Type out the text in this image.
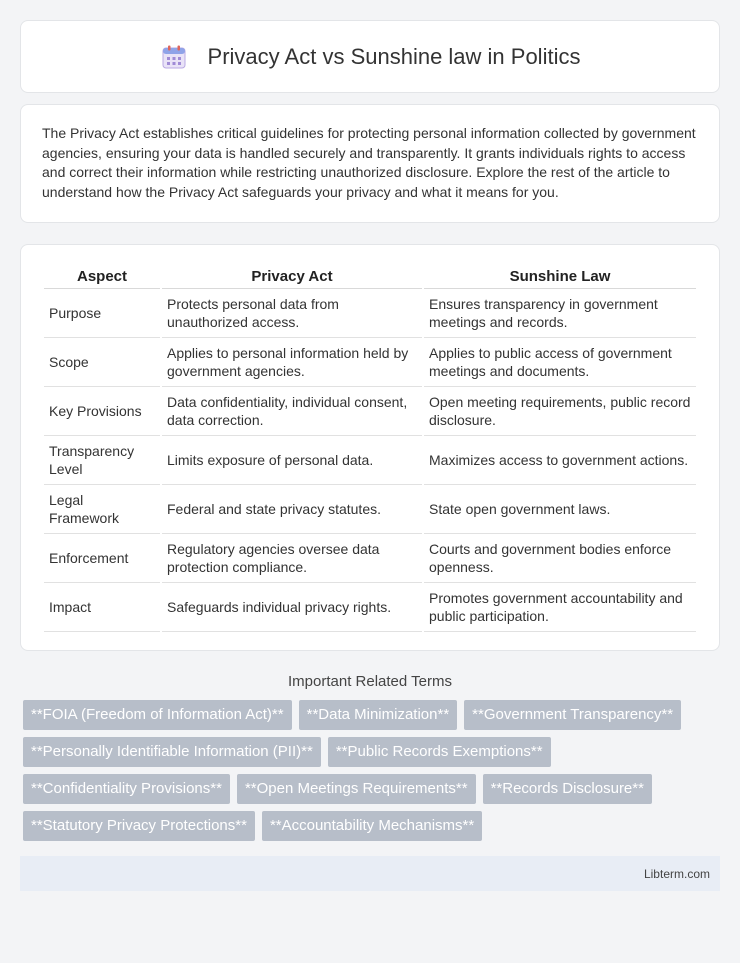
Privacy Act vs Sunshine law in Politics

The Privacy Act establishes critical guidelines for protecting personal information collected by government agencies, ensuring your data is handled securely and transparently. It grants individuals rights to access and correct their information while restricting unauthorized disclosure. Explore the rest of the article to understand how the Privacy Act safeguards your privacy and what it means for you.

Aspect	Privacy Act	Sunshine Law
Purpose	Protects personal data from unauthorized access.	Ensures transparency in government meetings and records.
Scope	Applies to personal information held by government agencies.	Applies to public access of government meetings and documents.
Key Provisions	Data confidentiality, individual consent, data correction.	Open meeting requirements, public record disclosure.
Transparency Level	Limits exposure of personal data.	Maximizes access to government actions.
Legal Framework	Federal and state privacy statutes.	State open government laws.
Enforcement	Regulatory agencies oversee data protection compliance.	Courts and government bodies enforce openness.
Impact	Safeguards individual privacy rights.	Promotes government accountability and public participation.
Important Related Terms
**FOIA (Freedom of Information Act)**	**Data Minimization**	**Government Transparency**
**Personally Identifiable Information (PII)**	**Public Records Exemptions**
**Confidentiality Provisions**	**Open Meetings Requirements**	**Records Disclosure**
**Statutory Privacy Protections**	**Accountability Mechanisms**
Libterm.com
